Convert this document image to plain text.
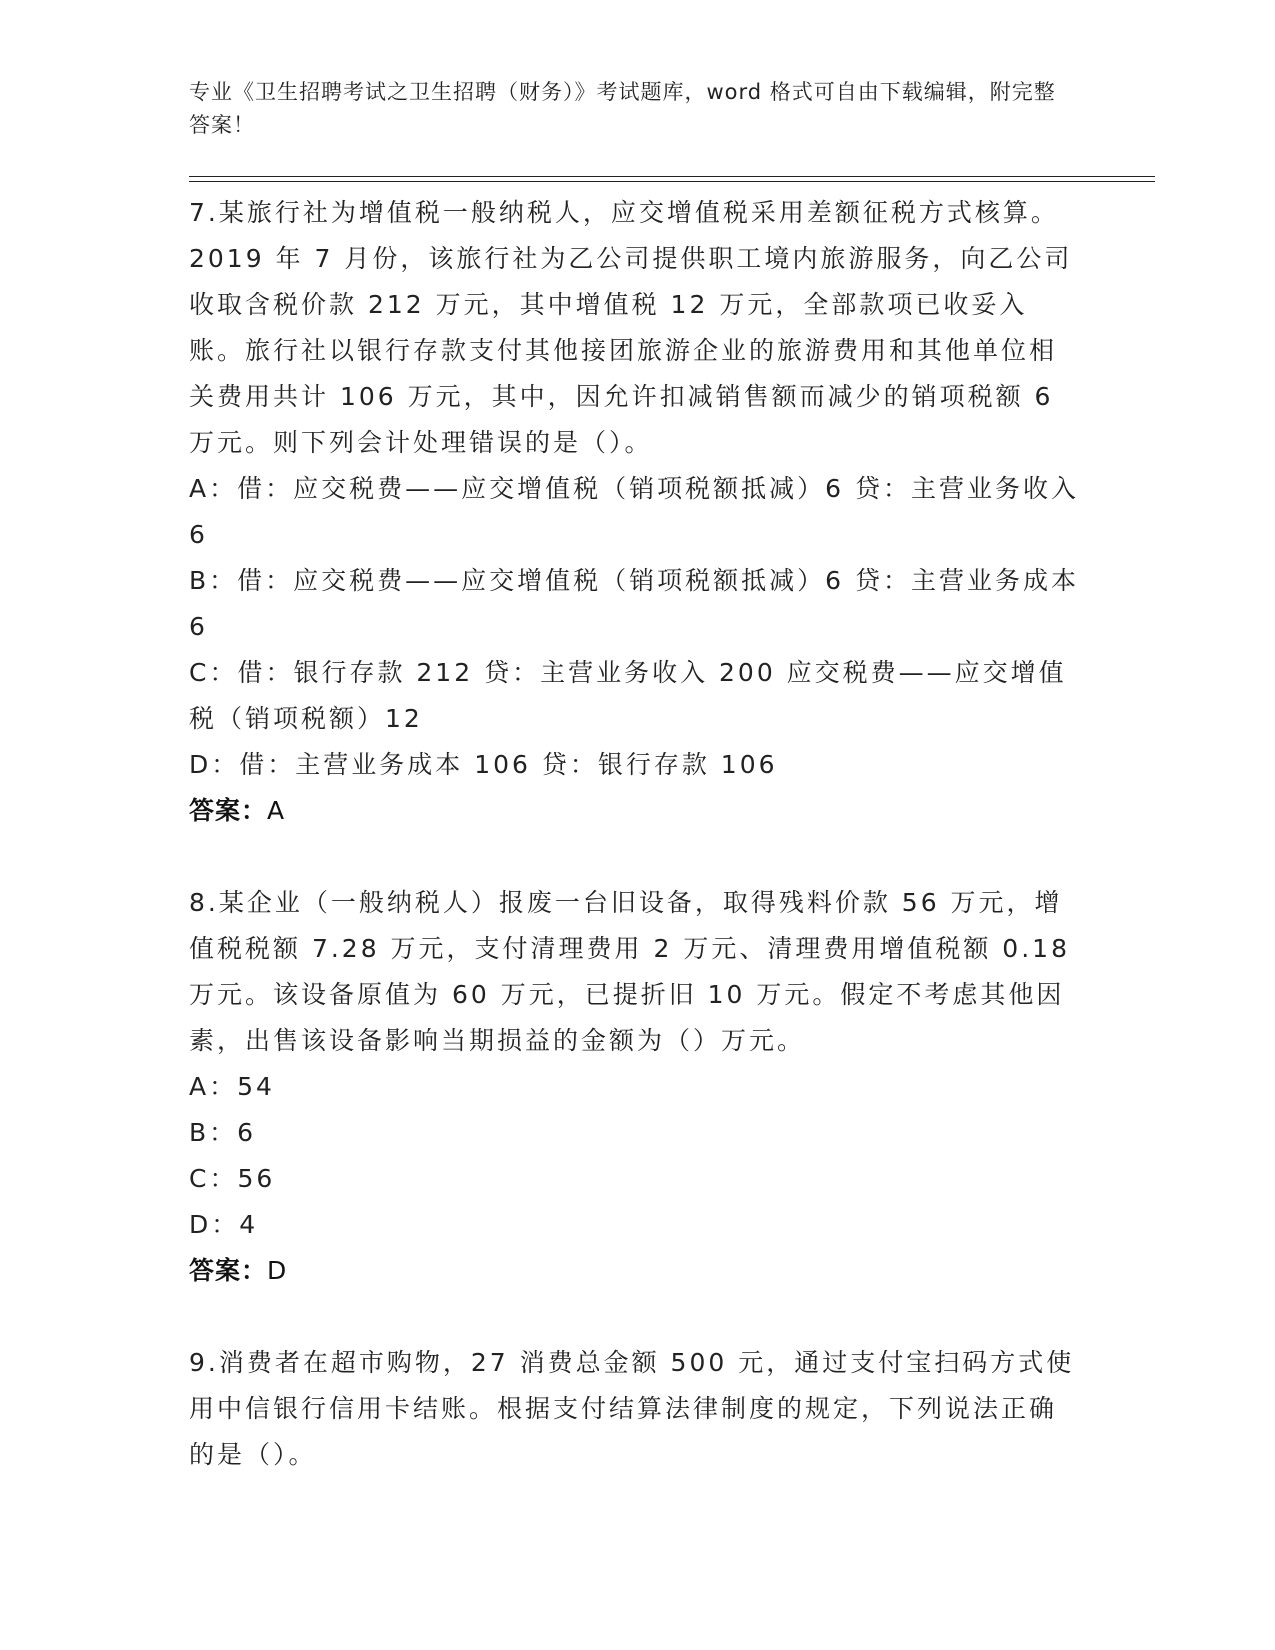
专业《卫生招聘考试之卫生招聘（财务）》考试题库，word 格式可自由下载编辑，附完整答案！

7.某旅行社为增值税一般纳税人，应交增值税采用差额征税方式核算。2019 年 7 月份，该旅行社为乙公司提供职工境内旅游服务，向乙公司收取含税价款 212 万元，其中增值税 12 万元，全部款项已收妥入账。旅行社以银行存款支付其他接团旅游企业的旅游费用和其他单位相关费用共计 106 万元，其中，因允许扣减销售额而减少的销项税额 6 万元。则下列会计处理错误的是（）。

A：借：应交税费——应交增值税（销项税额抵减）6 贷：主营业务收入 6

B：借：应交税费——应交增值税（销项税额抵减）6 贷：主营业务成本 6

C：借：银行存款 212 贷：主营业务收入 200 应交税费——应交增值税（销项税额）12

D：借：主营业务成本 106 贷：银行存款 106

答案：A

8.某企业（一般纳税人）报废一台旧设备，取得残料价款 56 万元，增值税税额 7.28 万元，支付清理费用 2 万元、清理费用增值税额 0.18 万元。该设备原值为 60 万元，已提折旧 10 万元。假定不考虑其他因素，出售该设备影响当期损益的金额为（）万元。

A：54

B：6

C：56

D：4

答案：D

9.消费者在超市购物，27 消费总金额 500 元，通过支付宝扫码方式使用中信银行信用卡结账。根据支付结算法律制度的规定，下列说法正确的是（）。
